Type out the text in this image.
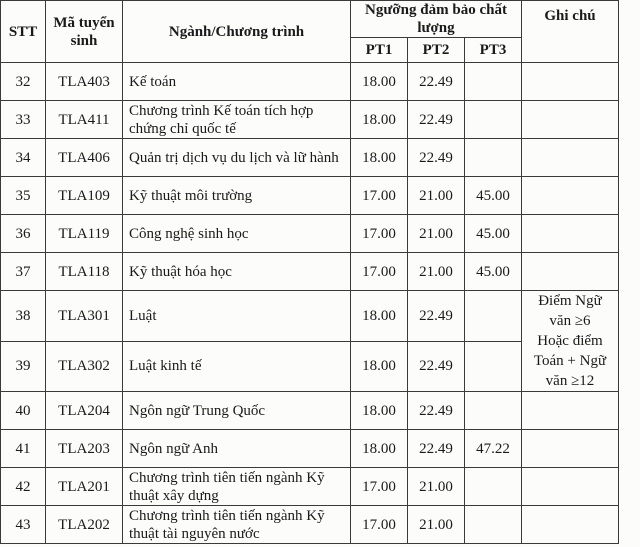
STT	Mã tuyển sinh	Ngành/Chương trình	Ngưỡng đảm bảo chất lượng			Ghi chú
			PT1	PT2	PT3	
32	TLA403	Kế toán	18.00	22.49		
33	TLA411	Chương trình Kế toán tích hợp chứng chỉ quốc tế	18.00	22.49		
34	TLA406	Quản trị dịch vụ du lịch và lữ hành	18.00	22.49		
35	TLA109	Kỹ thuật môi trường	17.00	21.00	45.00	
36	TLA119	Công nghệ sinh học	17.00	21.00	45.00	
37	TLA118	Kỹ thuật hóa học	17.00	21.00	45.00	
38	TLA301	Luật	18.00	22.49		Điểm Ngữ văn ≥6
Hoặc điểm Toán + Ngữ văn ≥12

39	TLA302	Luật kinh tế	18.00	22.49		
40	TLA204	Ngôn ngữ Trung Quốc	18.00	22.49		
41	TLA203	Ngôn ngữ Anh	18.00	22.49	47.22	
42	TLA201	Chương trình tiên tiến ngành Kỹ thuật xây dựng	17.00	21.00		
43	TLA202	Chương trình tiên tiến ngành Kỹ thuật tài nguyên nước	17.00	21.00		
